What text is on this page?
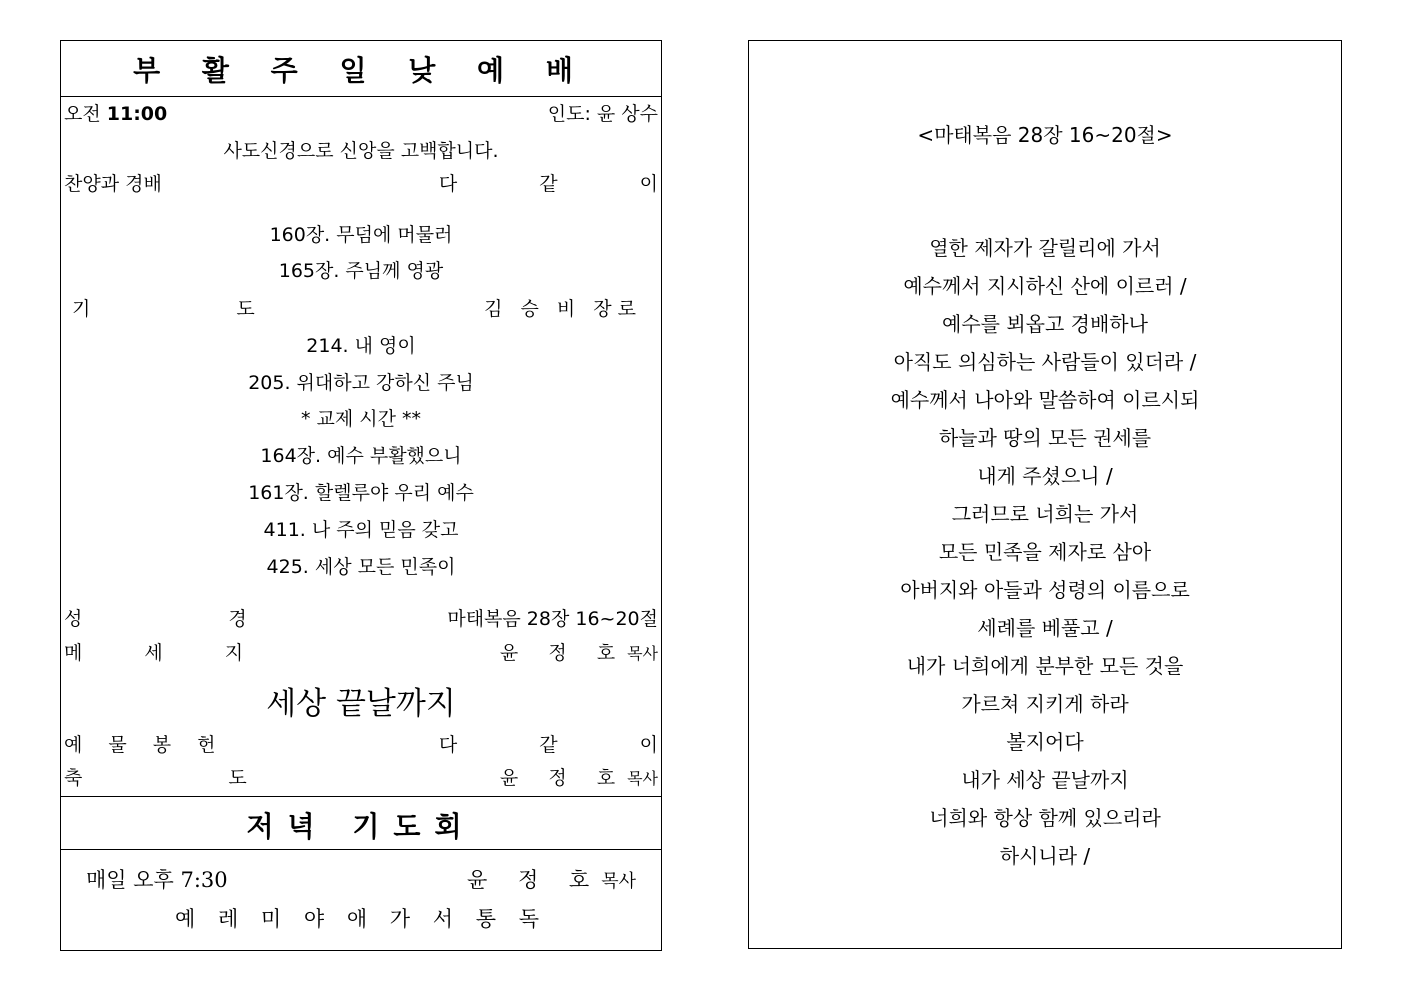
부 활 주 일 낮 예 배
오전 11:00	인도: 윤 상수
사도신경으로 신앙을 고백합니다.
찬양과 경배	다 같 이
160장. 무덤에 머물러
165장. 주님께 영광
기 도	김 승 비 장로
214. 내 영이
205. 위대하고 강하신 주님
* 교제 시간 **
164장. 예수 부활했으니
161장. 할렐루야 우리 예수
411. 나 주의 믿음 갖고
425. 세상 모든 민족이
성 경	마태복음 28장 16~20절
메 세 지	윤 정 호목사
세상 끝날까지
예 물 봉 헌	다 같 이
축 도	윤 정 호목사
저녁 기도회
매일 오후 7:30	윤 정 호목사
예 레 미 야 애 가 서 통 독
<마태복음 28장 16~20절>
열한 제자가 갈릴리에 가서
예수께서 지시하신 산에 이르러 /
예수를 뵈옵고 경배하나
아직도 의심하는 사람들이 있더라 /
예수께서 나아와 말씀하여 이르시되
하늘과 땅의 모든 권세를
내게 주셨으니 /
그러므로 너희는 가서
모든 민족을 제자로 삼아
아버지와 아들과 성령의 이름으로
세례를 베풀고 /
내가 너희에게 분부한 모든 것을
가르쳐 지키게 하라
볼지어다
내가 세상 끝날까지
너희와 항상 함께 있으리라
하시니라 /
